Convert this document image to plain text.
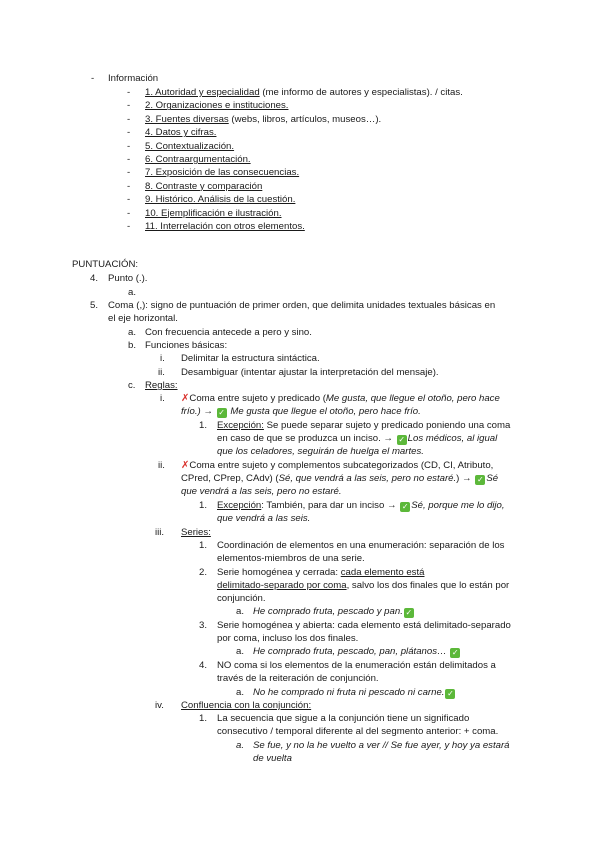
- Información
- 1. Autoridad y especialidad (me informo de autores y especialistas). / citas.
- 2. Organizaciones e instituciones.
- 3. Fuentes diversas (webs, libros, artículos, museos…).
- 4. Datos y cifras.
- 5. Contextualización.
- 6. Contraargumentación.
- 7. Exposición de las consecuencias.
- 8. Contraste y comparación
- 9. Histórico. Análisis de la cuestión.
- 10. Ejemplificación e ilustración.
- 11. Interrelación con otros elementos.
PUNTUACIÓN:
4. Punto (.).
a.
5. Coma (,): signo de puntuación de primer orden, que delimita unidades textuales básicas en
el eje horizontal.
a. Con frecuencia antecede a pero y sino.
b. Funciones básicas:
i. Delimitar la estructura sintáctica.
ii. Desambiguar (intentar ajustar la interpretación del mensaje).
c. Reglas:
i. ✗Coma entre sujeto y predicado (Me gusta, que llegue el otoño, pero hace
frío.) → ✓ Me gusta que llegue el otoño, pero hace frío.
1. Excepción: Se puede separar sujeto y predicado poniendo una coma
en caso de que se produzca un inciso. → ✓ Los médicos, al igual
que los celadores, seguirán de huelga el martes.
ii. ✗Coma entre sujeto y complementos subcategorizados (CD, CI, Atributo,
CPred, CPrep, CAdv) (Sé, que vendrá a las seis, pero no estaré.) → ✓ Sé
que vendrá a las seis, pero no estaré.
1. Excepción: También, para dar un inciso → ✓ Sé, porque me lo dijo,
que vendrá a las seis.
iii. Series:
1. Coordinación de elementos en una enumeración: separación de los
elementos-miembros de una serie.
2. Serie homogénea y cerrada: cada elemento está
delimitado-separado por coma, salvo los dos finales que lo están por
conjunción.
a. He comprado fruta, pescado y pan. ✓
3. Serie homogénea y abierta: cada elemento está delimitado-separado
por coma, incluso los dos finales.
a. He comprado fruta, pescado, pan, plátanos… ✓
4. NO coma si los elementos de la enumeración están delimitados a
través de la reiteración de conjunción.
a. No he comprado ni fruta ni pescado ni carne. ✓
iv. Confluencia con la conjunción:
1. La secuencia que sigue a la conjunción tiene un significado
consecutivo / temporal diferente al del segmento anterior: + coma.
a. Se fue, y no la he vuelto a ver // Se fue ayer, y hoy ya estará
de vuelta
